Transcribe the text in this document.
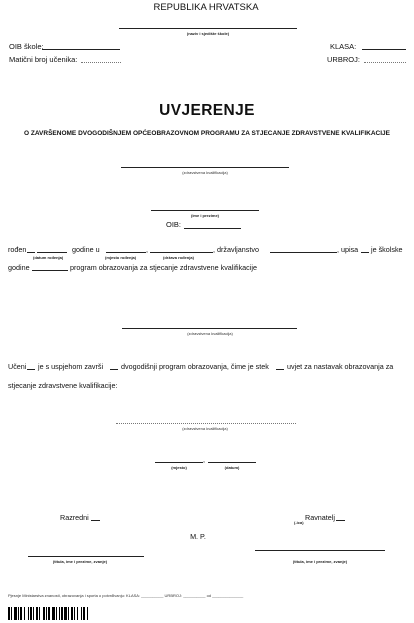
REPUBLIKA HRVATSKA
(naziv i sjedište škole)
OIB škole:	KLASA:
Matični broj učenika:	URBROJ:
UVJERENJE
O ZAVRŠENOME DVOGODIŠNJEM OPĆEOBRAZOVNOM PROGRAMU ZA STJECANJE ZDRAVSTVENE KVALIFIKACIJE
(zdravstvena kvalifikacija)
(ime i prezime)
OIB:
rođen
(datum rođenja)
godine u
(mjesto rođenja)
,
(država rođenja)
, državljanstvo	, upisa je školske
godine	program obrazovanja za stjecanje zdravstvene kvalifikacije
(zdravstvena kvalifikacija)
Učeni je s uspjehom završi dvogodišnji program obrazovanja, čime je stek	uvjet za nastavak obrazovanja za
stjecanje zdravstvene kvalifikacije:
(zdravstvena kvalifikacija)
,
(mjesto)	(datum)
Razredni	Ravnatelj
(-ica)
M. P.
(titula, ime i prezime, zvanje)	(titula, ime i prezime, zvanje)
Pjesnje Ministarstva znanosti, obrazovanja i sporta o potvrđivanju: KLASA: __________ URBROJ: __________ od ______________
